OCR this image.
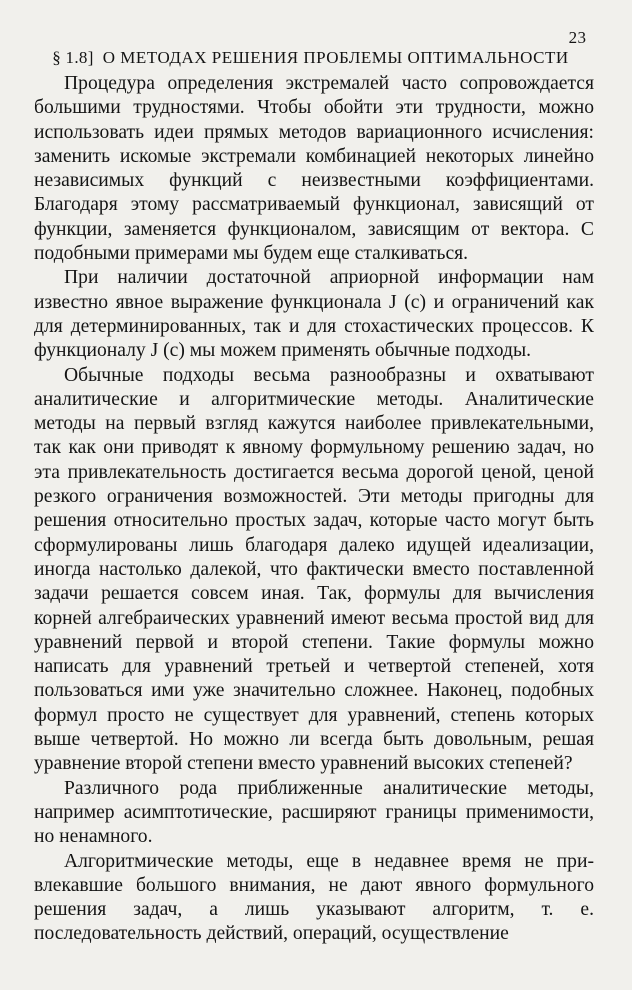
§ 1.8] О МЕТОДАХ РЕШЕНИЯ ПРОБЛЕМЫ ОПТИМАЛЬНОСТИ

23

Процедура определения экстремалей часто сопровождается большими трудностями. Чтобы обойти эти трудности, можно использовать идеи прямых методов вариационного исчисления: заменить искомые экстремали комбинацией некоторых линейно независимых функций с неизвестными коэффициентами. Благодаря этому рассматриваемый функционал, зависящий от функции, заменяется функционалом, зависящим от вектора. С подобными примерами мы будем еще сталкиваться.

При наличии достаточной априорной информации нам известно явное выражение функционала J (c) и ограничений как для детерминированных, так и для стохастических процессов. К функционалу J (c) мы можем применять обычные подходы.

Обычные подходы весьма разнообразны и охватывают аналитические и алгоритмические методы. Аналитические методы на первый взгляд кажутся наиболее привлекательными, так как они приводят к явному формульному решению задач, но эта привлекательность достигается весьма дорогой ценой, ценой резкого ограничения возможностей. Эти методы пригодны для решения относительно простых задач, которые часто могут быть сформулированы лишь благодаря далеко идущей идеализации, иногда настолько далекой, что фактически вместо поставленной задачи решается совсем иная. Так, формулы для вычисления корней алгебраических уравнений имеют весьма простой вид для уравнений первой и второй степени. Такие формулы можно написать для уравнений третьей и четвертой степеней, хотя пользоваться ими уже значительно сложнее. Наконец, подобных формул просто не существует для уравнений, степень которых выше четвертой. Но можно ли всегда быть довольным, решая уравнение второй степени вместо уравнений высоких степеней?

Различного рода приближенные аналитические методы, например асимптотические, расширяют границы применимости, но ненамного.

Алгоритмические методы, еще в недавнее время не привлекавшие большого внимания, не дают явного формульного решения задач, а лишь указывают алгоритм, т. е. последовательность действий, операций, осуществление
